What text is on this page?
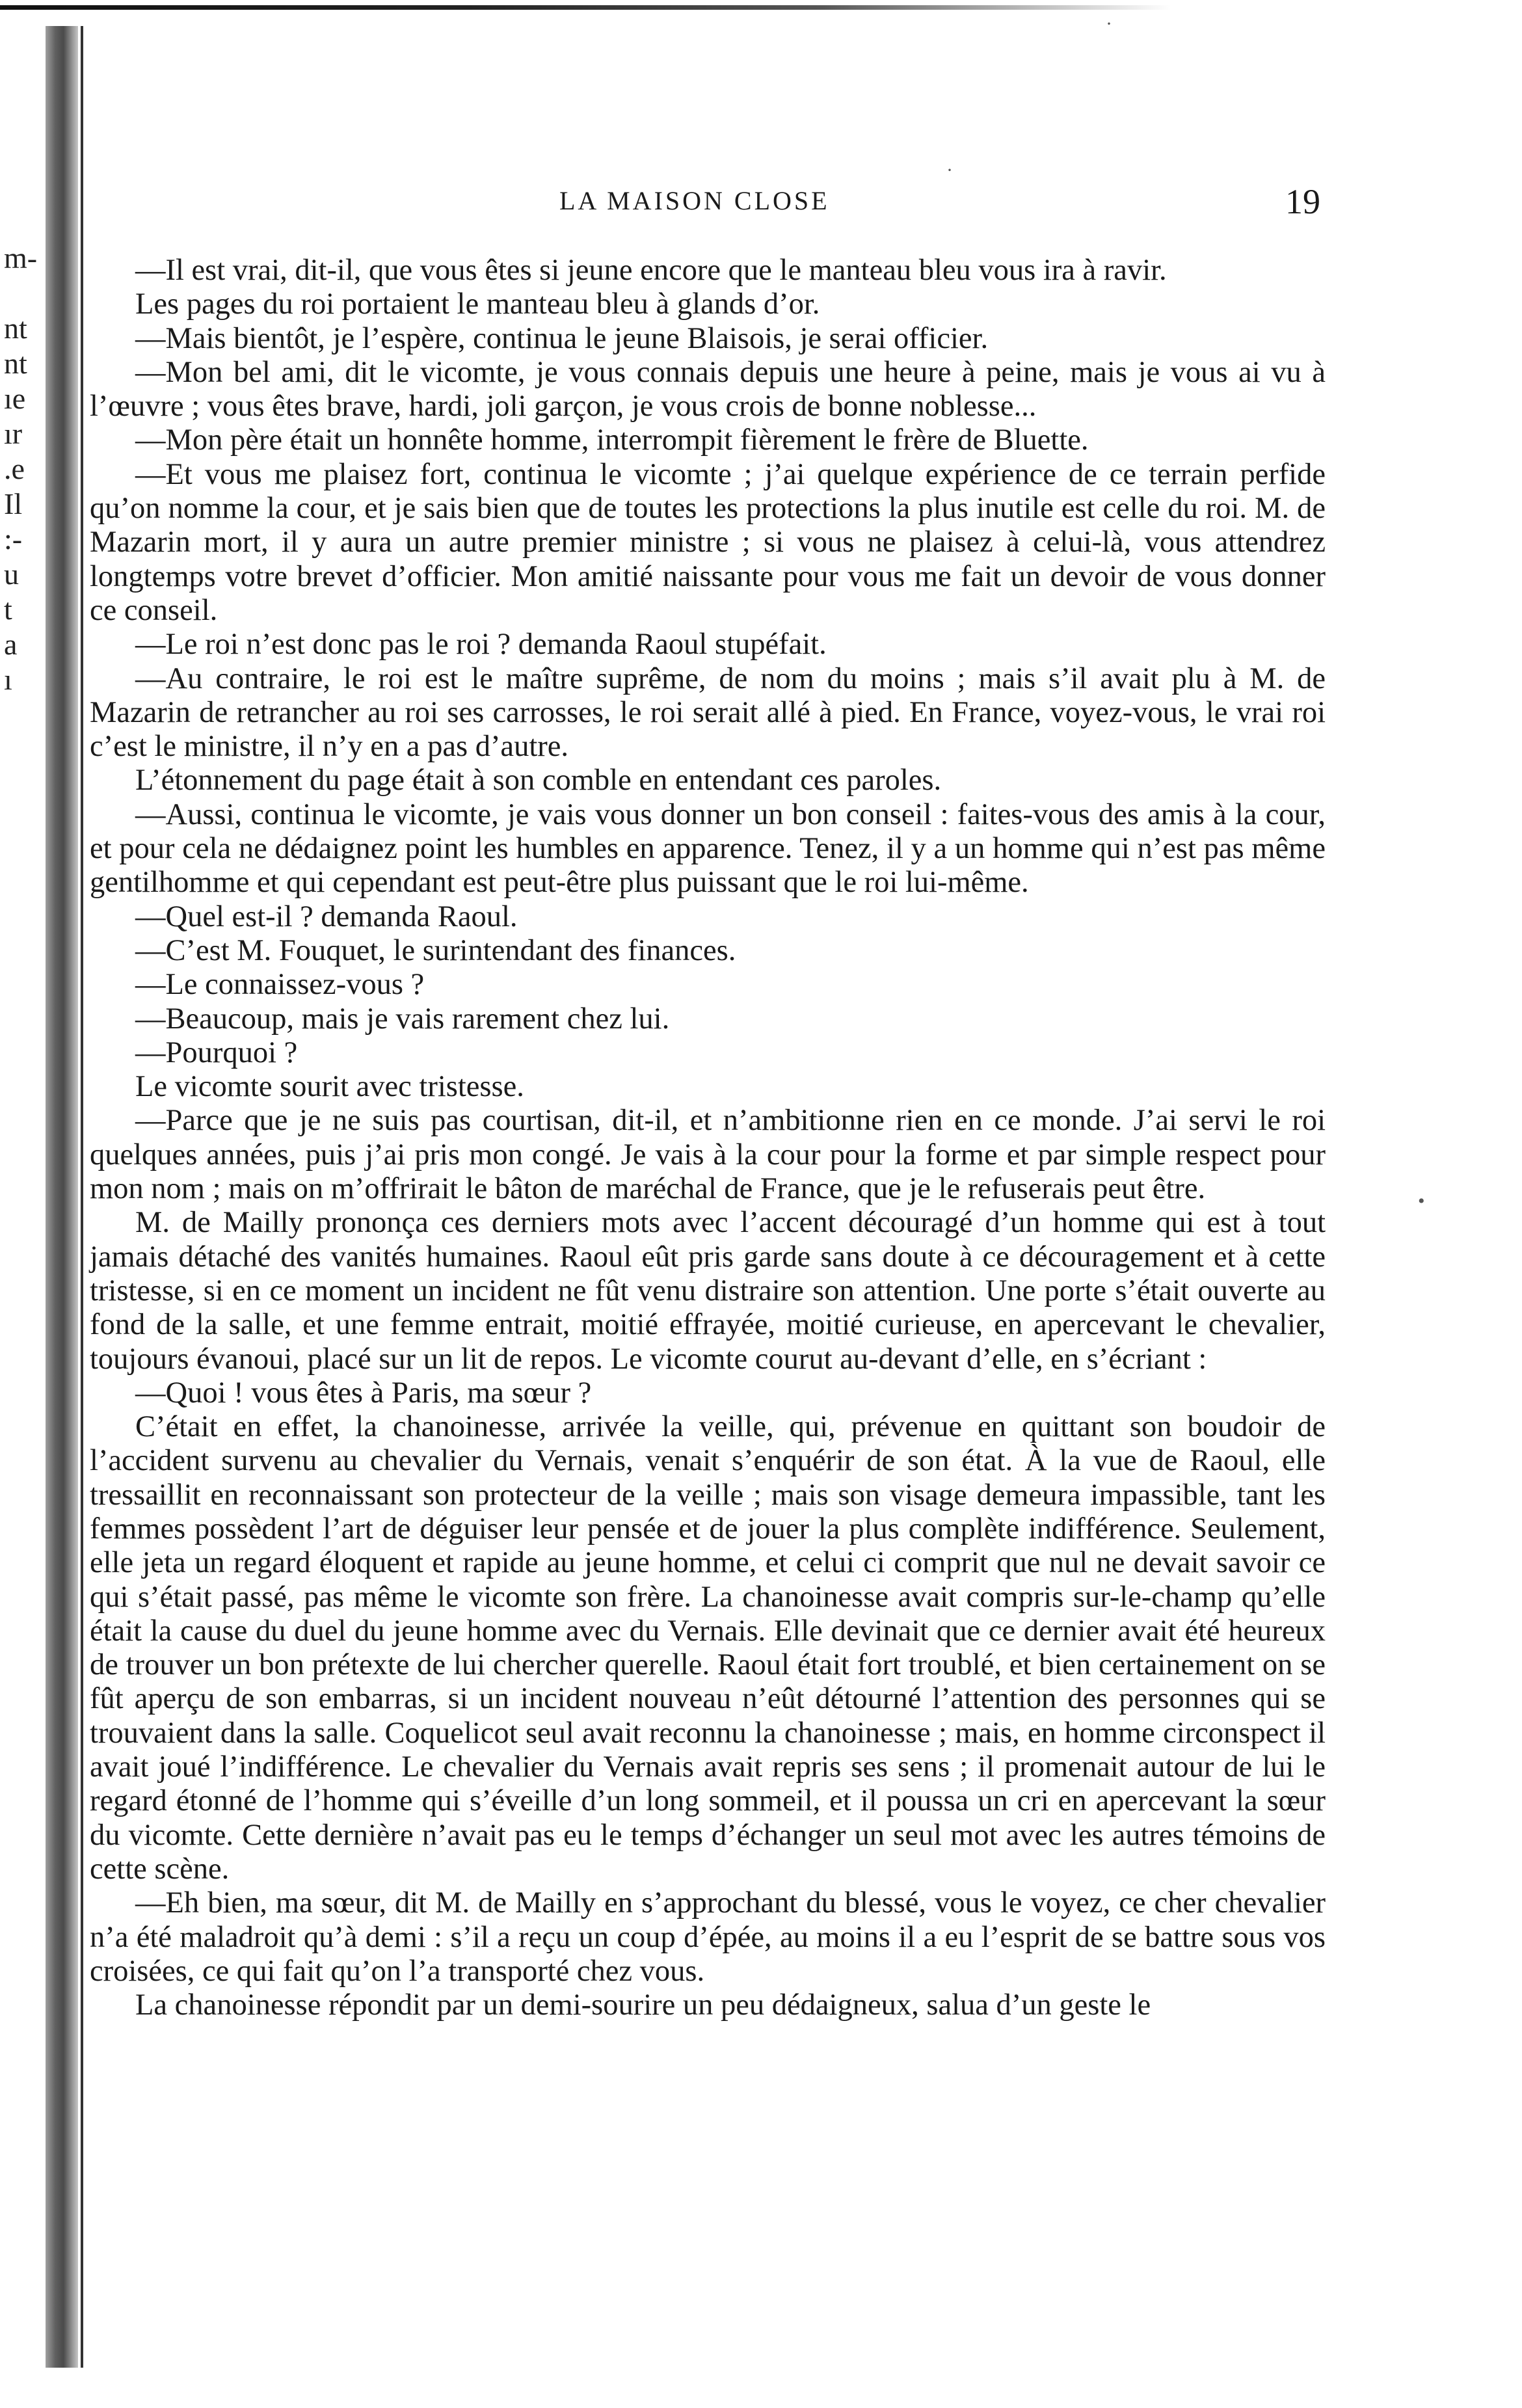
m-
nt
nt
ıe
ır
.e
Il
:-
u
t
a
ı
LA MAISON CLOSE	19

—Il est vrai, dit-il, que vous êtes si jeune encore que le manteau bleu vous ira à ravir.

Les pages du roi portaient le manteau bleu à glands d’or.

—Mais bientôt, je l’espère, continua le jeune Blaisois, je serai officier.

—Mon bel ami, dit le vicomte, je vous connais depuis une heure à peine, mais je vous ai vu à l’œuvre ; vous êtes brave, hardi, joli garçon, je vous crois de bonne noblesse...

—Mon père était un honnête homme, interrompit fièrement le frère de Bluette.

—Et vous me plaisez fort, continua le vicomte ; j’ai quelque expérience de ce terrain perfide qu’on nomme la cour, et je sais bien que de toutes les protections la plus inutile est celle du roi. M. de Mazarin mort, il y aura un autre premier ministre ; si vous ne plaisez à celui-là, vous attendrez longtemps votre brevet d’officier. Mon amitié naissante pour vous me fait un devoir de vous donner ce conseil.

—Le roi n’est donc pas le roi ? demanda Raoul stupéfait.

—Au contraire, le roi est le maître suprême, de nom du moins ; mais s’il avait plu à M. de Mazarin de retrancher au roi ses carrosses, le roi serait allé à pied. En France, voyez-vous, le vrai roi c’est le ministre, il n’y en a pas d’autre.

L’étonnement du page était à son comble en entendant ces paroles.

—Aussi, continua le vicomte, je vais vous donner un bon conseil : faites-vous des amis à la cour, et pour cela ne dédaignez point les humbles en apparence. Tenez, il y a un homme qui n’est pas même gentilhomme et qui cependant est peut-être plus puissant que le roi lui-même.

—Quel est-il ? demanda Raoul.

—C’est M. Fouquet, le surintendant des finances.

—Le connaissez-vous ?

—Beaucoup, mais je vais rarement chez lui.

—Pourquoi ?

Le vicomte sourit avec tristesse.

—Parce que je ne suis pas courtisan, dit-il, et n’ambitionne rien en ce monde. J’ai servi le roi quelques années, puis j’ai pris mon congé. Je vais à la cour pour la forme et par simple respect pour mon nom ; mais on m’offrirait le bâton de maréchal de France, que je le refuserais peut être.

M. de Mailly prononça ces derniers mots avec l’accent découragé d’un homme qui est à tout jamais détaché des vanités humaines. Raoul eût pris garde sans doute à ce découragement et à cette tristesse, si en ce moment un incident ne fût venu distraire son attention. Une porte s’était ouverte au fond de la salle, et une femme entrait, moitié effrayée, moitié curieuse, en apercevant le chevalier, toujours évanoui, placé sur un lit de repos. Le vicomte courut au-devant d’elle, en s’écriant :

—Quoi ! vous êtes à Paris, ma sœur ?

C’était en effet, la chanoinesse, arrivée la veille, qui, prévenue en quittant son boudoir de l’accident survenu au chevalier du Vernais, venait s’enquérir de son état. À la vue de Raoul, elle tressaillit en reconnaissant son protecteur de la veille ; mais son visage demeura impassible, tant les femmes possèdent l’art de déguiser leur pensée et de jouer la plus complète indifférence. Seulement, elle jeta un regard éloquent et rapide au jeune homme, et celui ci comprit que nul ne devait savoir ce qui s’était passé, pas même le vicomte son frère. La chanoinesse avait compris sur-le-champ qu’elle était la cause du duel du jeune homme avec du Vernais. Elle devinait que ce dernier avait été heureux de trouver un bon prétexte de lui chercher querelle. Raoul était fort troublé, et bien certainement on se fût aperçu de son embarras, si un incident nouveau n’eût détourné l’attention des personnes qui se trouvaient dans la salle. Coquelicot seul avait reconnu la chanoinesse ; mais, en homme circonspect il avait joué l’indifférence. Le chevalier du Vernais avait repris ses sens ; il promenait autour de lui le regard étonné de l’homme qui s’éveille d’un long sommeil, et il poussa un cri en apercevant la sœur du vicomte. Cette dernière n’avait pas eu le temps d’échanger un seul mot avec les autres témoins de cette scène.

—Eh bien, ma sœur, dit M. de Mailly en s’approchant du blessé, vous le voyez, ce cher chevalier n’a été maladroit qu’à demi : s’il a reçu un coup d’épée, au moins il a eu l’esprit de se battre sous vos croisées, ce qui fait qu’on l’a transporté chez vous.

La chanoinesse répondit par un demi-sourire un peu dédaigneux, salua d’un geste le

·
·
•
